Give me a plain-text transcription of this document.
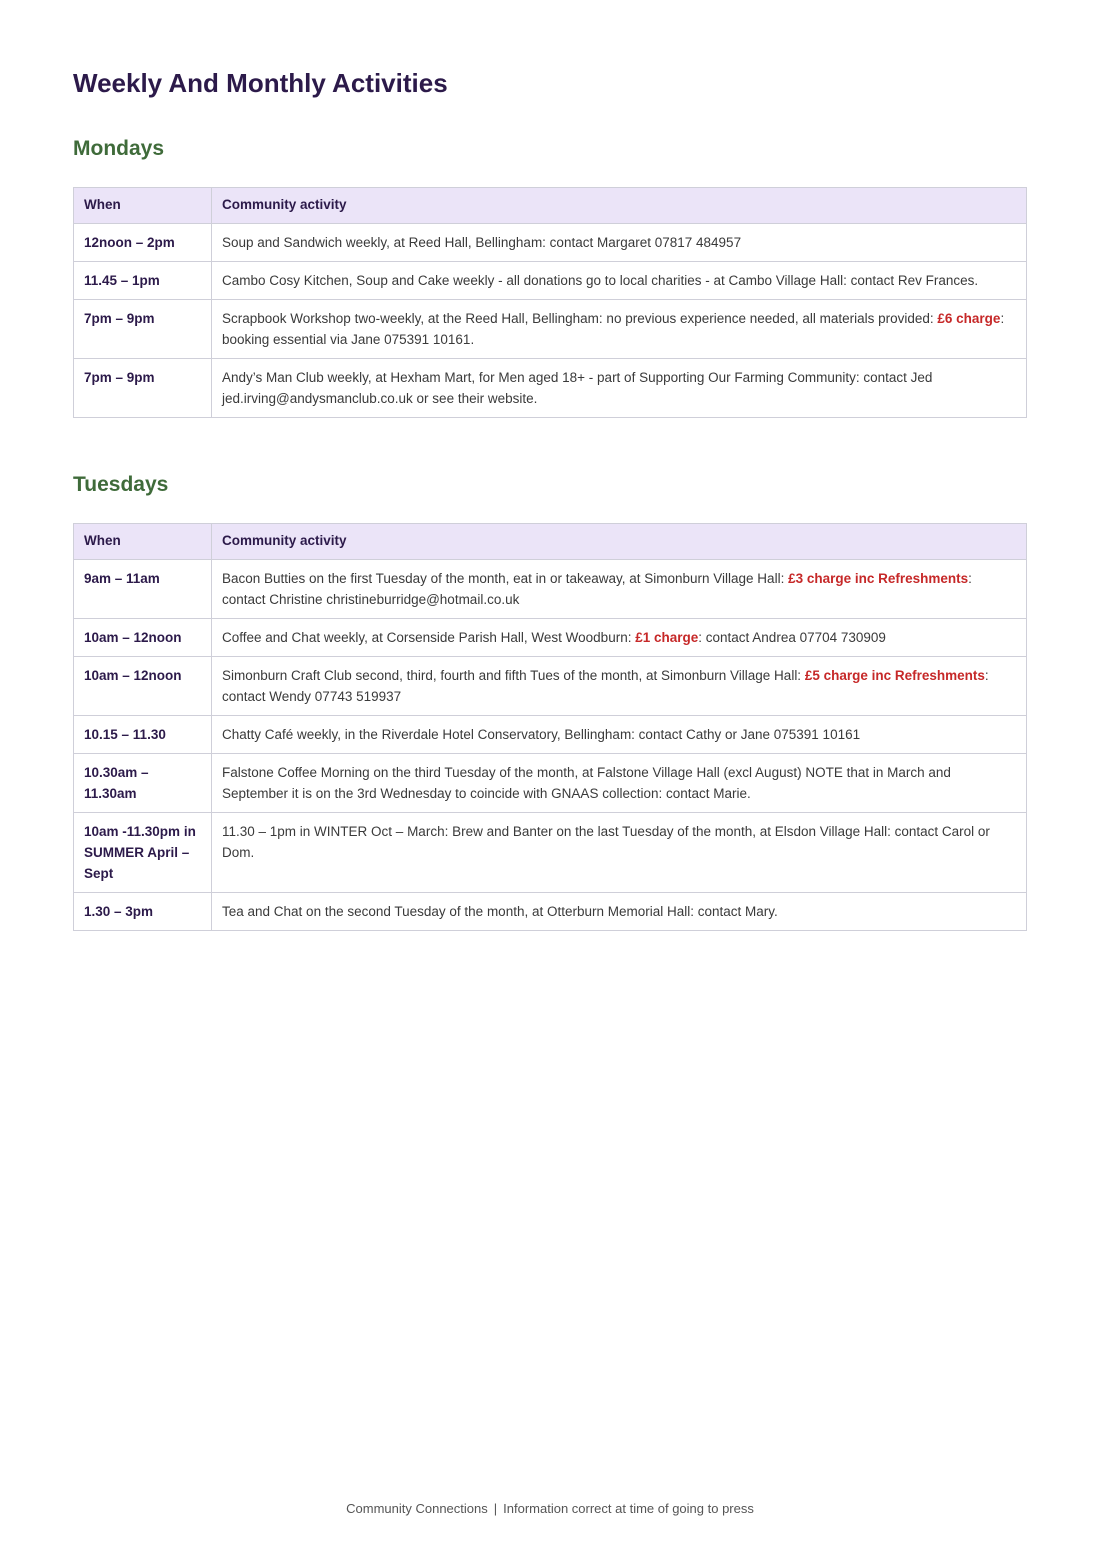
Weekly And Monthly Activities
Mondays
When	Community activity
12noon – 2pm	Soup and Sandwich weekly, at Reed Hall, Bellingham: contact Margaret 07817 484957
11.45 – 1pm	Cambo Cosy Kitchen, Soup and Cake weekly - all donations go to local charities - at Cambo Village Hall: contact Rev Frances.
7pm – 9pm	Scrapbook Workshop two-weekly, at the Reed Hall, Bellingham: no previous experience needed, all materials provided: £6 charge: booking essential via Jane 075391 10161.
7pm – 9pm	Andy’s Man Club weekly, at Hexham Mart, for Men aged 18+ - part of Supporting Our Farming Community: contact Jed jed.irving@andysmanclub.co.uk or see their website.
Tuesdays
When	Community activity
9am – 11am	Bacon Butties on the first Tuesday of the month, eat in or takeaway, at Simonburn Village Hall: £3 charge inc Refreshments: contact Christine christineburridge@hotmail.co.uk
10am – 12noon	Coffee and Chat weekly, at Corsenside Parish Hall, West Woodburn: £1 charge: contact Andrea 07704 730909
10am – 12noon	Simonburn Craft Club second, third, fourth and fifth Tues of the month, at Simonburn Village Hall: £5 charge inc Refreshments: contact Wendy 07743 519937
10.15 – 11.30	Chatty Café weekly, in the Riverdale Hotel Conservatory, Bellingham: contact Cathy or Jane 075391 10161
10.30am – 11.30am	Falstone Coffee Morning on the third Tuesday of the month, at Falstone Village Hall (excl August) NOTE that in March and September it is on the 3rd Wednesday to coincide with GNAAS collection: contact Marie.
10am -11.30pm in SUMMER April – Sept	11.30 – 1pm in WINTER Oct – March: Brew and Banter on the last Tuesday of the month, at Elsdon Village Hall: contact Carol or Dom.
1.30 – 3pm	Tea and Chat on the second Tuesday of the month, at Otterburn Memorial Hall: contact Mary.
Community Connections | Information correct at time of going to press
